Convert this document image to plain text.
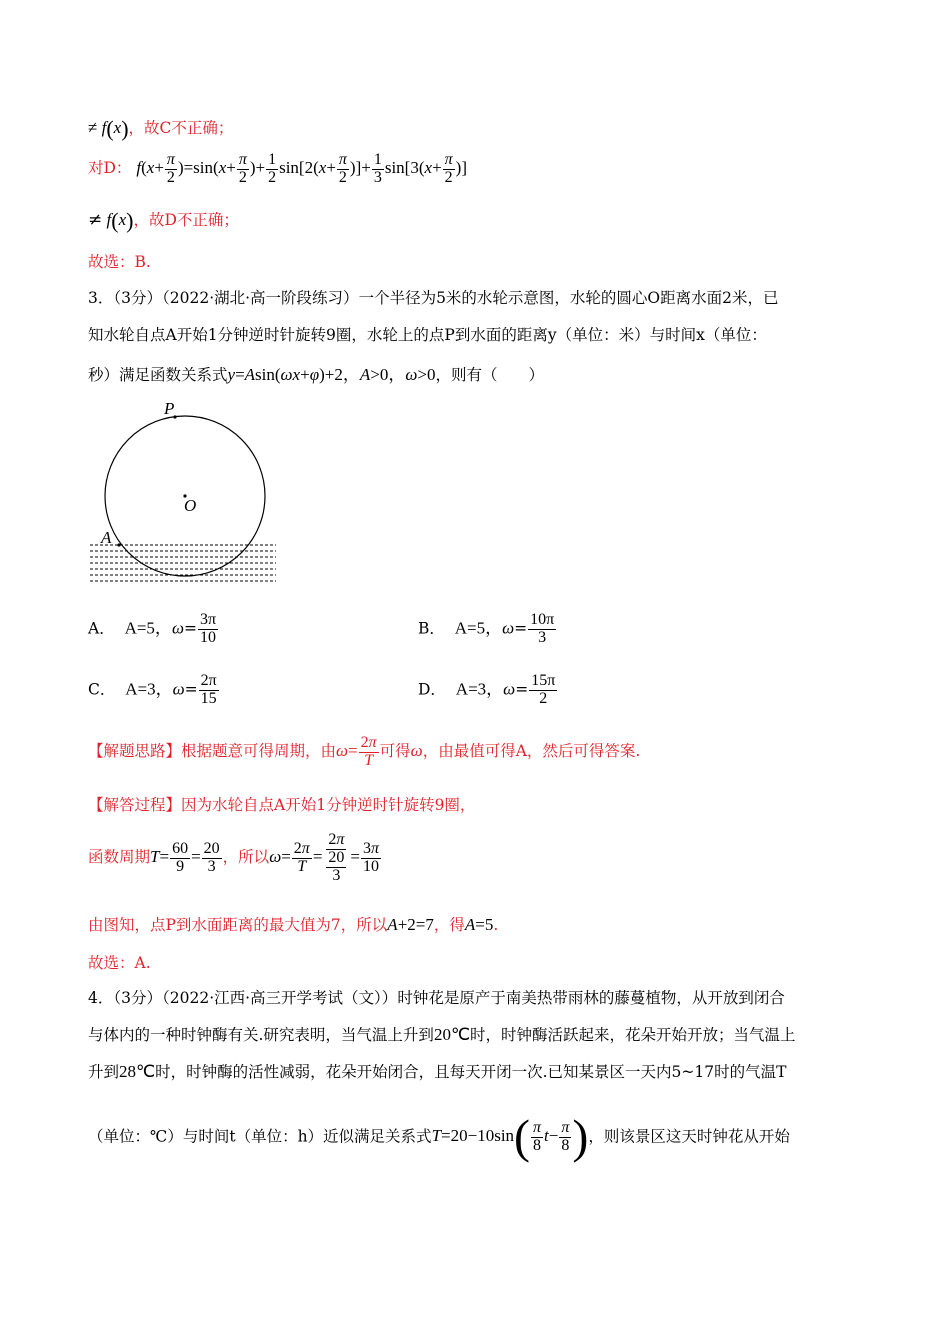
≠ f(x)，故C不正确；
对D： $f(x+ \frac{\pi}{2} )=\sin(x+ \frac{\pi}{2}$ )+ $\frac{1}{2} \sin[2(x+ \frac{\pi}{2}$ )]+ $\frac{1}{3} \sin[3(x+ \frac{\pi}{2}$ )]
≠ f(x)，故D不正确；
故选：B.
3．（3分）（2022·湖北·高一阶段练习）一个半径为5米的水轮示意图，水轮的圆心O距离水面2米，已
知水轮自点A开始1分钟逆时针旋转9圈，水轮上的点P到水面的距离y（单位：米）与时间x（单位：
秒）满足函数关系式y=Asin(ωx+φ)+2，A>0，ω>0，则有（　　）
P
O
A
A． A=5，$\omega= \frac{3\pi}{10}$	B． A=5，$\omega= \frac{10\pi}{3}$
C． A=3，$\omega= \frac{2\pi}{15}$	D． A=3，$\omega= \frac{15\pi}{2}$
【解题思路】根据题意可得周期，由$\omega= \frac{2\pi}{T}$ 可得ω，由最值可得A，然后可得答案.
【解答过程】因为水轮自点A开始1分钟逆时针旋转9圈，
函数周期$T= \frac{60}{9} = \frac{20}{3}$ ，所以$\omega= \frac{2\pi}{T} = \frac{2\pi}{\frac{20}{3}} = \frac{3\pi}{10}$
由图知，点P到水面距离的最大值为7，所以A+2=7，得A=5.
故选：A.
4．（3分）（2022·江西·高三开学考试（文））时钟花是原产于南美热带雨林的藤蔓植物，从开放到闭合
与体内的一种时钟酶有关.研究表明，当气温上升到20℃时，时钟酶活跃起来，花朵开始开放；当气温上
升到28℃时，时钟酶的活性减弱，花朵开始闭合，且每天开闭一次.已知某景区一天内5~17时的气温T
（单位：℃）与时间t（单位：h）近似满足关系式$T=20-10\sin( \frac{\pi}{8} t- \frac{\pi}{8}$ )，则该景区这天时钟花从开始
